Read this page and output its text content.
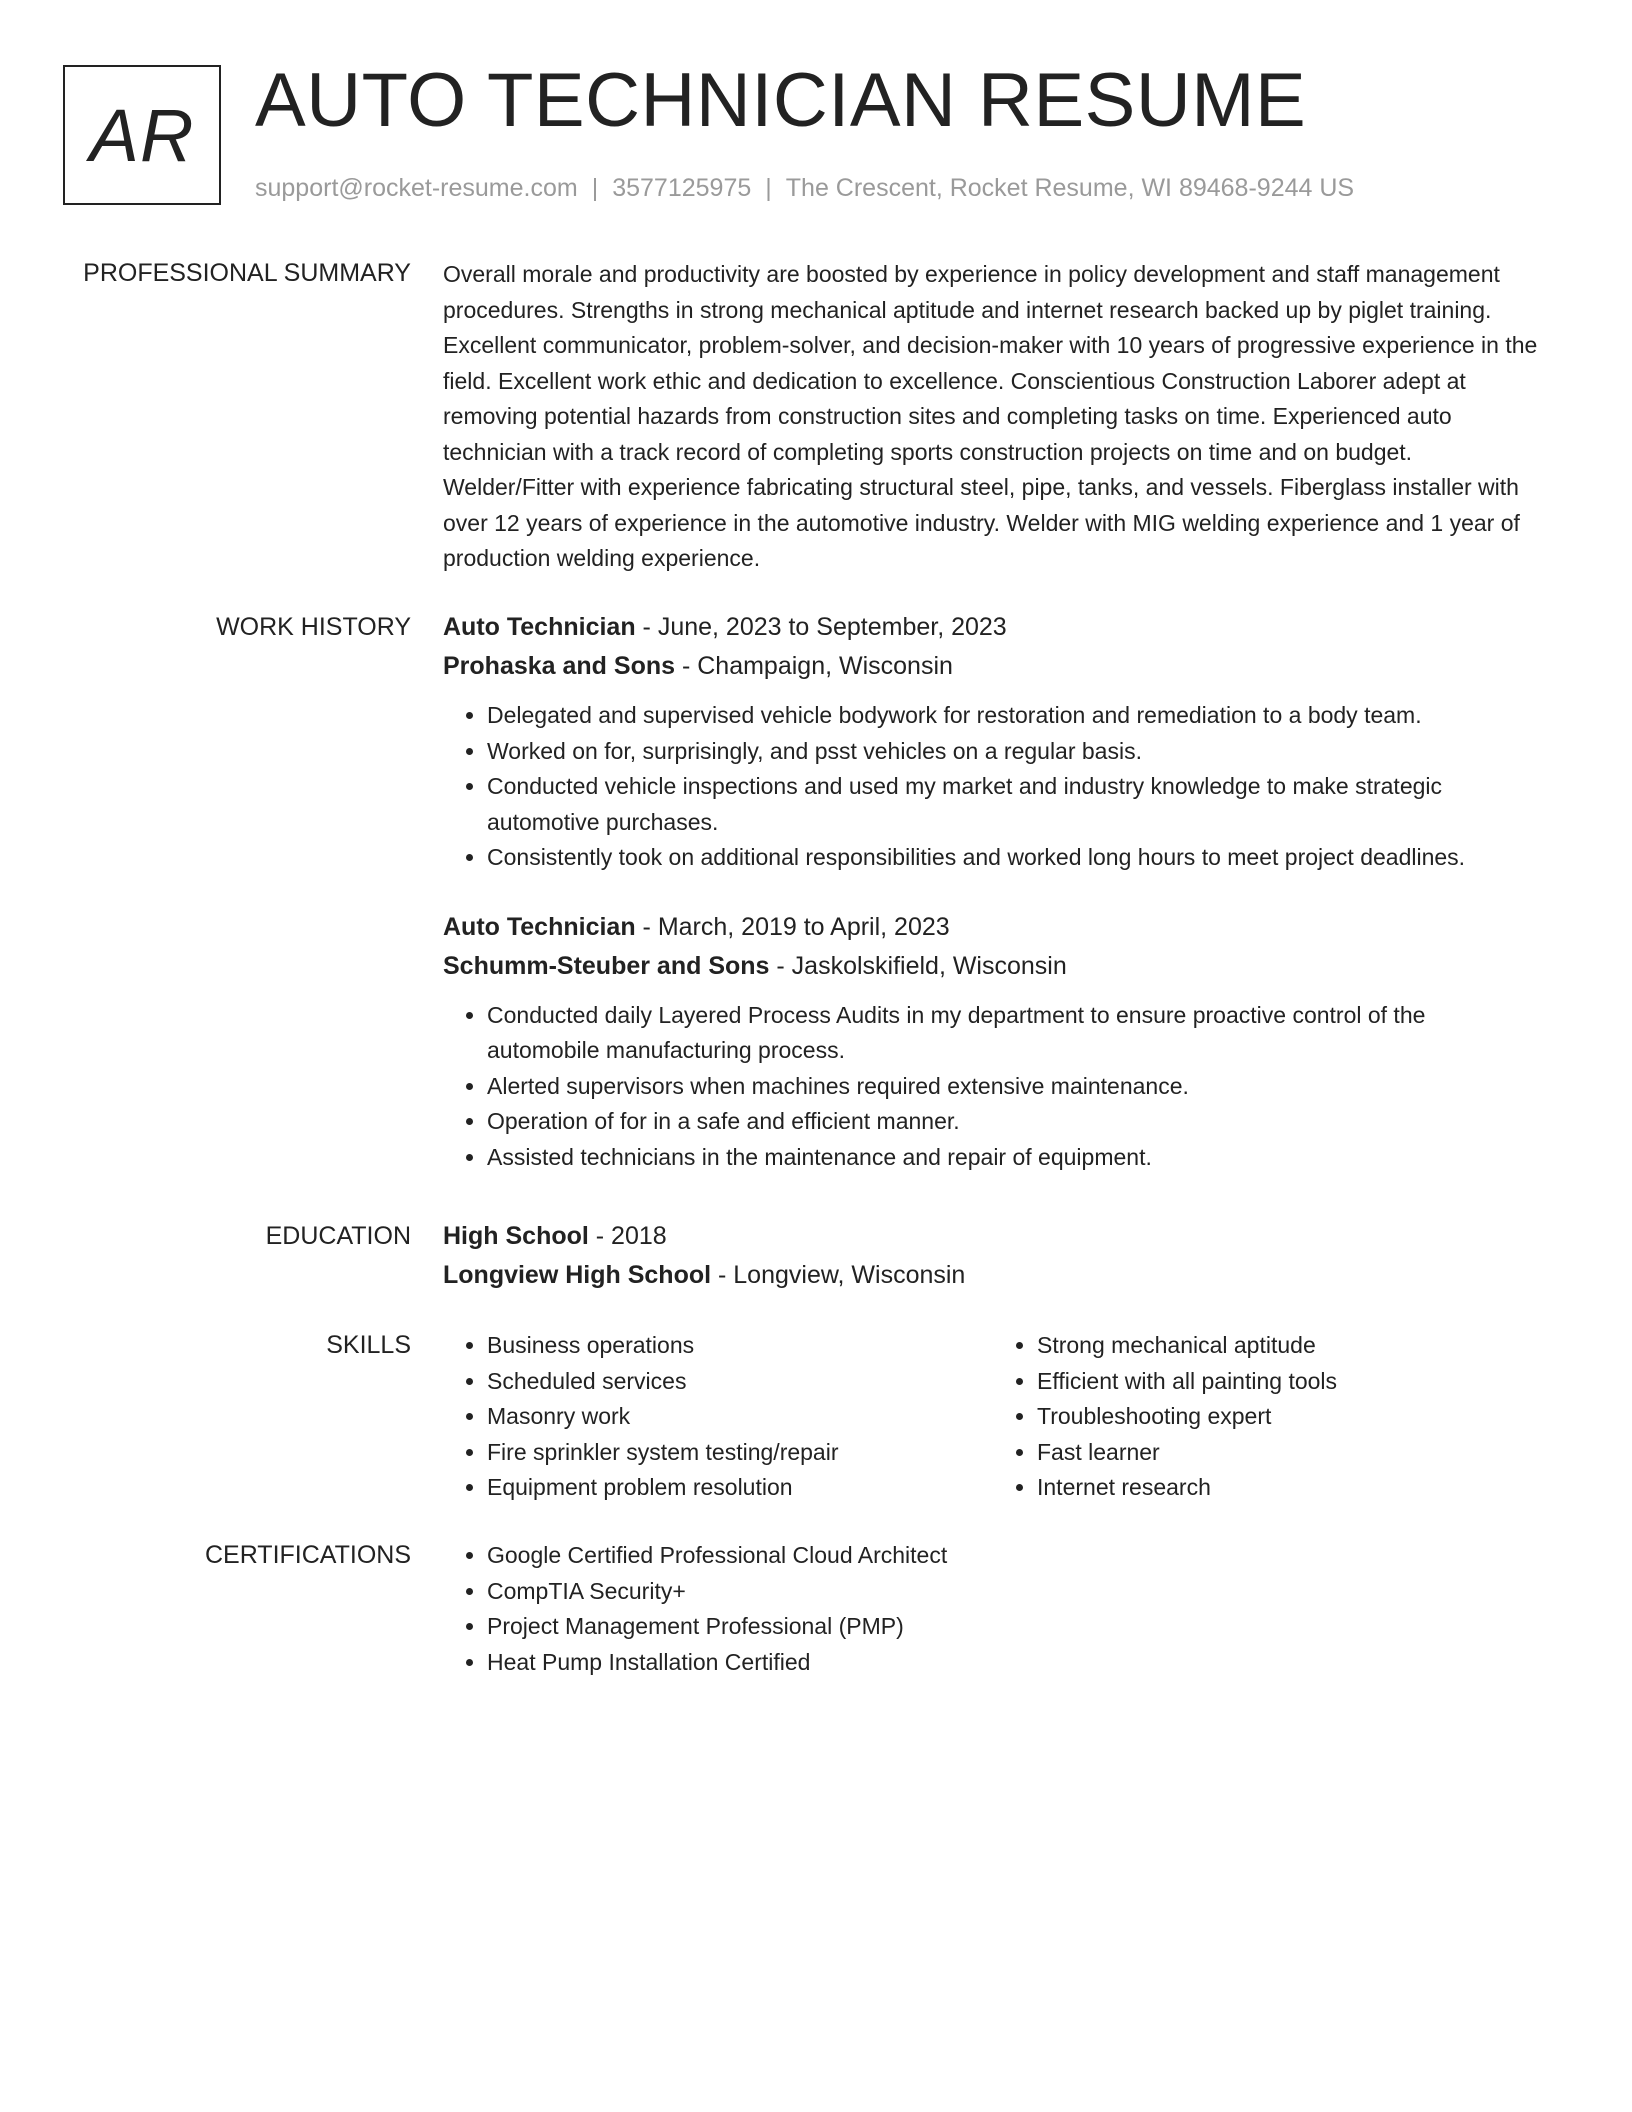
AR AUTO TECHNICIAN RESUME
support@rocket-resume.com | 3577125975 | The Crescent, Rocket Resume, WI 89468-9244 US
PROFESSIONAL SUMMARY Overall morale and productivity are boosted by experience in policy development and staff management procedures. Strengths in strong mechanical aptitude and internet research backed up by piglet training. Excellent communicator, problem-solver, and decision-maker with 10 years of progressive experience in the field. Excellent work ethic and dedication to excellence. Conscientious Construction Laborer adept at removing potential hazards from construction sites and completing tasks on time. Experienced auto technician with a track record of completing sports construction projects on time and on budget. Welder/Fitter with experience fabricating structural steel, pipe, tanks, and vessels. Fiberglass installer with over 12 years of experience in the automotive industry. Welder with MIG welding experience and 1 year of production welding experience.

WORK HISTORY Auto Technician - June, 2023 to September, 2023
Prohaska and Sons - Champaign, Wisconsin
• Delegated and supervised vehicle bodywork for restoration and remediation to a body team.
• Worked on for, surprisingly, and psst vehicles on a regular basis.
• Conducted vehicle inspections and used my market and industry knowledge to make strategic automotive purchases.
• Consistently took on additional responsibilities and worked long hours to meet project deadlines.
Auto Technician - March, 2019 to April, 2023
Schumm-Steuber and Sons - Jaskolskifield, Wisconsin
• Conducted daily Layered Process Audits in my department to ensure proactive control of the automobile manufacturing process.
• Alerted supervisors when machines required extensive maintenance.
• Operation of for in a safe and efficient manner.
• Assisted technicians in the maintenance and repair of equipment.
EDUCATION High School - 2018
Longview High School - Longview, Wisconsin
SKILLS	• Business operations
• Scheduled services
• Masonry work
• Fire sprinkler system testing/repair
• Equipment problem resolution
• Strong mechanical aptitude
• Efficient with all painting tools
• Troubleshooting expert
• Fast learner
• Internet research
CERTIFICATIONS	• Google Certified Professional Cloud Architect
• CompTIA Security+
• Project Management Professional (PMP)
• Heat Pump Installation Certified
